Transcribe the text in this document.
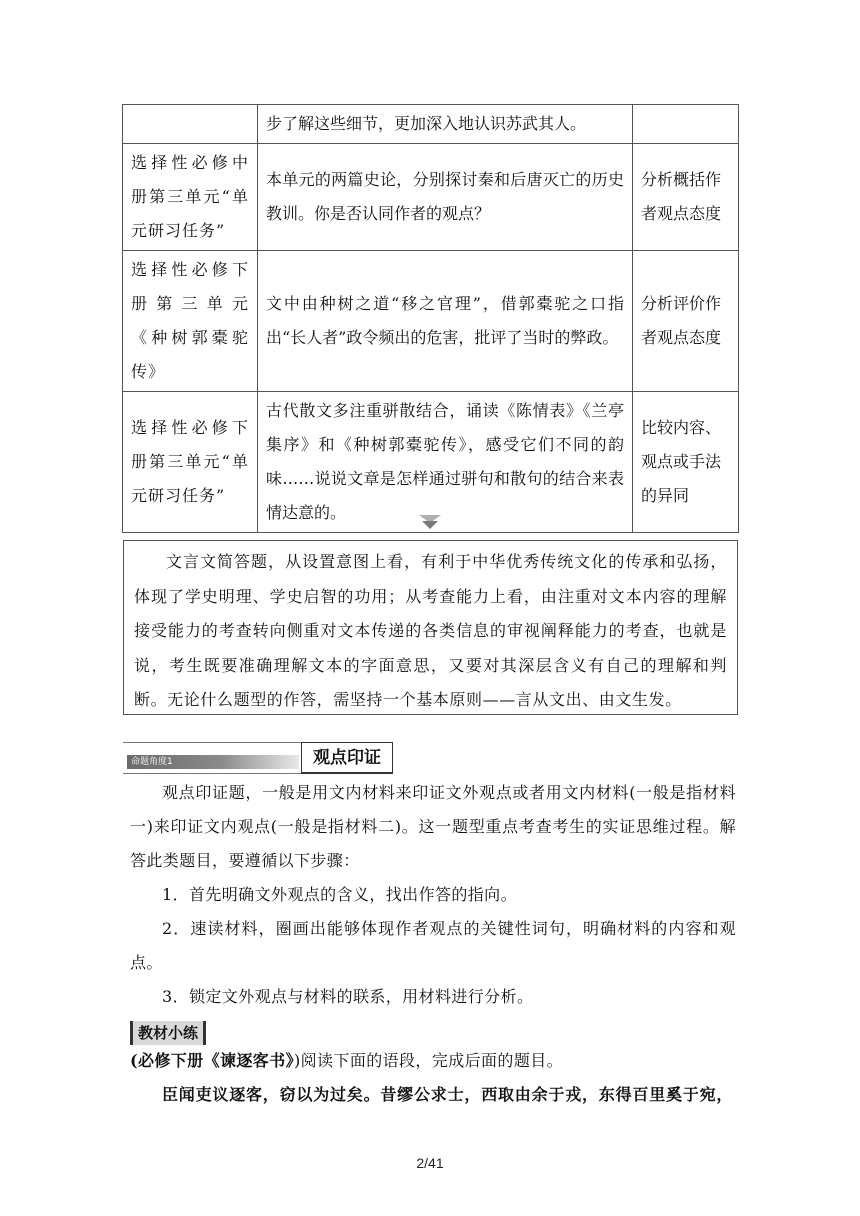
	步了解这些细节，更加深入地认识苏武其人。	
选择性必修中册第三单元“单元研习任务”	本单元的两篇史论，分别探讨秦和后唐灭亡的历史教训。你是否认同作者的观点？	分析概括作者观点态度
选择性必修下册第三单元《种树郭橐驼传》	文中由种树之道“移之官理”，借郭橐驼之口指出“长人者”政令频出的危害，批评了当时的弊政。	分析评价作者观点态度
选择性必修下册第三单元“单元研习任务”	古代散文多注重骈散结合，诵读《陈情表》《兰亭集序》和《种树郭橐驼传》，感受它们不同的韵味……说说文章是怎样通过骈句和散句的结合来表情达意的。	比较内容、观点或手法的异同

文言文简答题，从设置意图上看，有利于中华优秀传统文化的传承和弘扬，体现了学史明理、学史启智的功用；从考查能力上看，由注重对文本内容的理解接受能力的考查转向侧重对文本传递的各类信息的审视阐释能力的考查，也就是说，考生既要准确理解文本的字面意思，又要对其深层含义有自己的理解和判断。无论什么题型的作答，需坚持一个基本原则——言从文出、由文生发。

命题角度1	观点印证

观点印证题，一般是用文内材料来印证文外观点或者用文内材料(一般是指材料一)来印证文内观点(一般是指材料二)。这一题型重点考查考生的实证思维过程。解答此类题目，要遵循以下步骤：

1．首先明确文外观点的含义，找出作答的指向。

2．速读材料，圈画出能够体现作者观点的关键性词句，明确材料的内容和观点。

3．锁定文外观点与材料的联系，用材料进行分析。

教材小练

(必修下册《谏逐客书》)阅读下面的语段，完成后面的题目。

臣闻吏议逐客，窃以为过矣。昔缪公求士，西取由余于戎，东得百里奚于宛，

2/41
